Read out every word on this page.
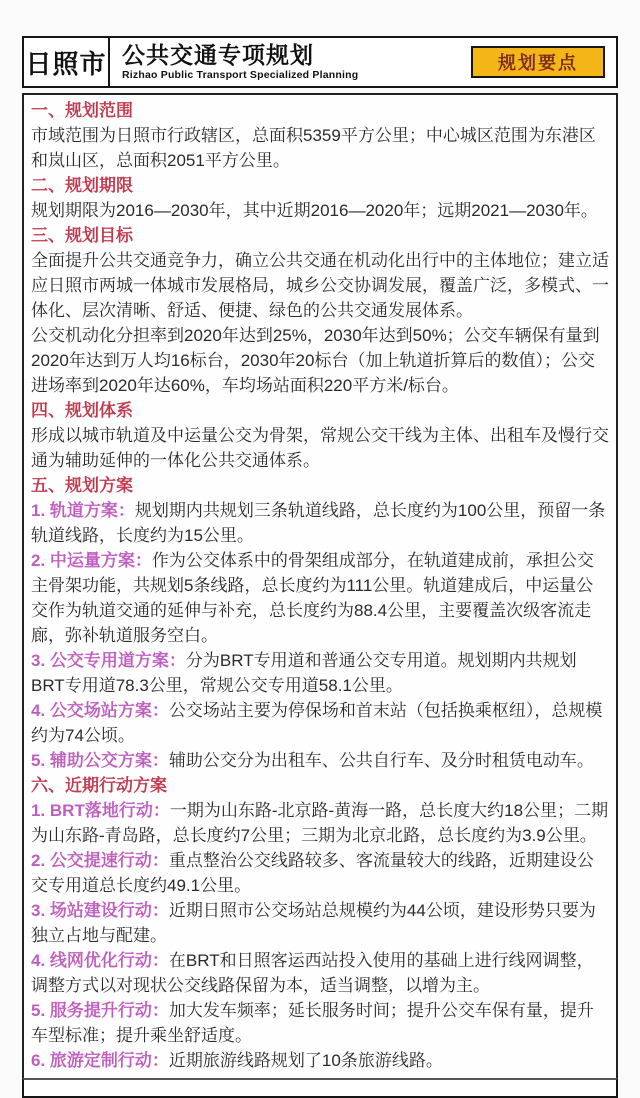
日照市 公共交通专项规划
Rizhao Public Transport Specialized Planning
规划要点

一、规划范围

市域范围为日照市行政辖区，总面积5359平方公里；中心城区范围为东港区和岚山区，总面积2051平方公里。

二、规划期限

规划期限为2016—2030年，其中近期2016—2020年；远期2021—2030年。

三、规划目标

全面提升公共交通竞争力，确立公共交通在机动化出行中的主体地位；建立适应日照市两城一体城市发展格局，城乡公交协调发展，覆盖广泛，多模式、一体化、层次清晰、舒适、便捷、绿色的公共交通发展体系。

公交机动化分担率到2020年达到25%，2030年达到50%；公交车辆保有量到2020年达到万人均16标台，2030年20标台（加上轨道折算后的数值）；公交进场率到2020年达60%，车均场站面积220平方米/标台。

四、规划体系

形成以城市轨道及中运量公交为骨架，常规公交干线为主体、出租车及慢行交通为辅助延伸的一体化公共交通体系。

五、规划方案

1. 轨道方案：规划期内共规划三条轨道线路，总长度约为100公里，预留一条轨道线路，长度约为15公里。

2. 中运量方案：作为公交体系中的骨架组成部分，在轨道建成前，承担公交主骨架功能，共规划5条线路，总长度约为111公里。轨道建成后，中运量公交作为轨道交通的延伸与补充，总长度约为88.4公里，主要覆盖次级客流走廊，弥补轨道服务空白。

3. 公交专用道方案：分为BRT专用道和普通公交专用道。规划期内共规划BRT专用道78.3公里，常规公交专用道58.1公里。

4. 公交场站方案：公交场站主要为停保场和首末站（包括换乘枢纽），总规模约为74公顷。

5. 辅助公交方案：辅助公交分为出租车、公共自行车、及分时租赁电动车。

六、近期行动方案

1. BRT落地行动：一期为山东路-北京路-黄海一路，总长度大约18公里；二期为山东路-青岛路，总长度约7公里；三期为北京北路，总长度约为3.9公里。

2. 公交提速行动：重点整治公交线路较多、客流量较大的线路，近期建设公交专用道总长度约49.1公里。

3. 场站建设行动：近期日照市公交场站总规模约为44公顷，建设形势只要为独立占地与配建。

4. 线网优化行动：在BRT和日照客运西站投入使用的基础上进行线网调整，调整方式以对现状公交线路保留为本，适当调整，以增为主。

5. 服务提升行动：加大发车频率；延长服务时间；提升公交车保有量，提升车型标准；提升乘坐舒适度。

6. 旅游定制行动：近期旅游线路规划了10条旅游线路。
